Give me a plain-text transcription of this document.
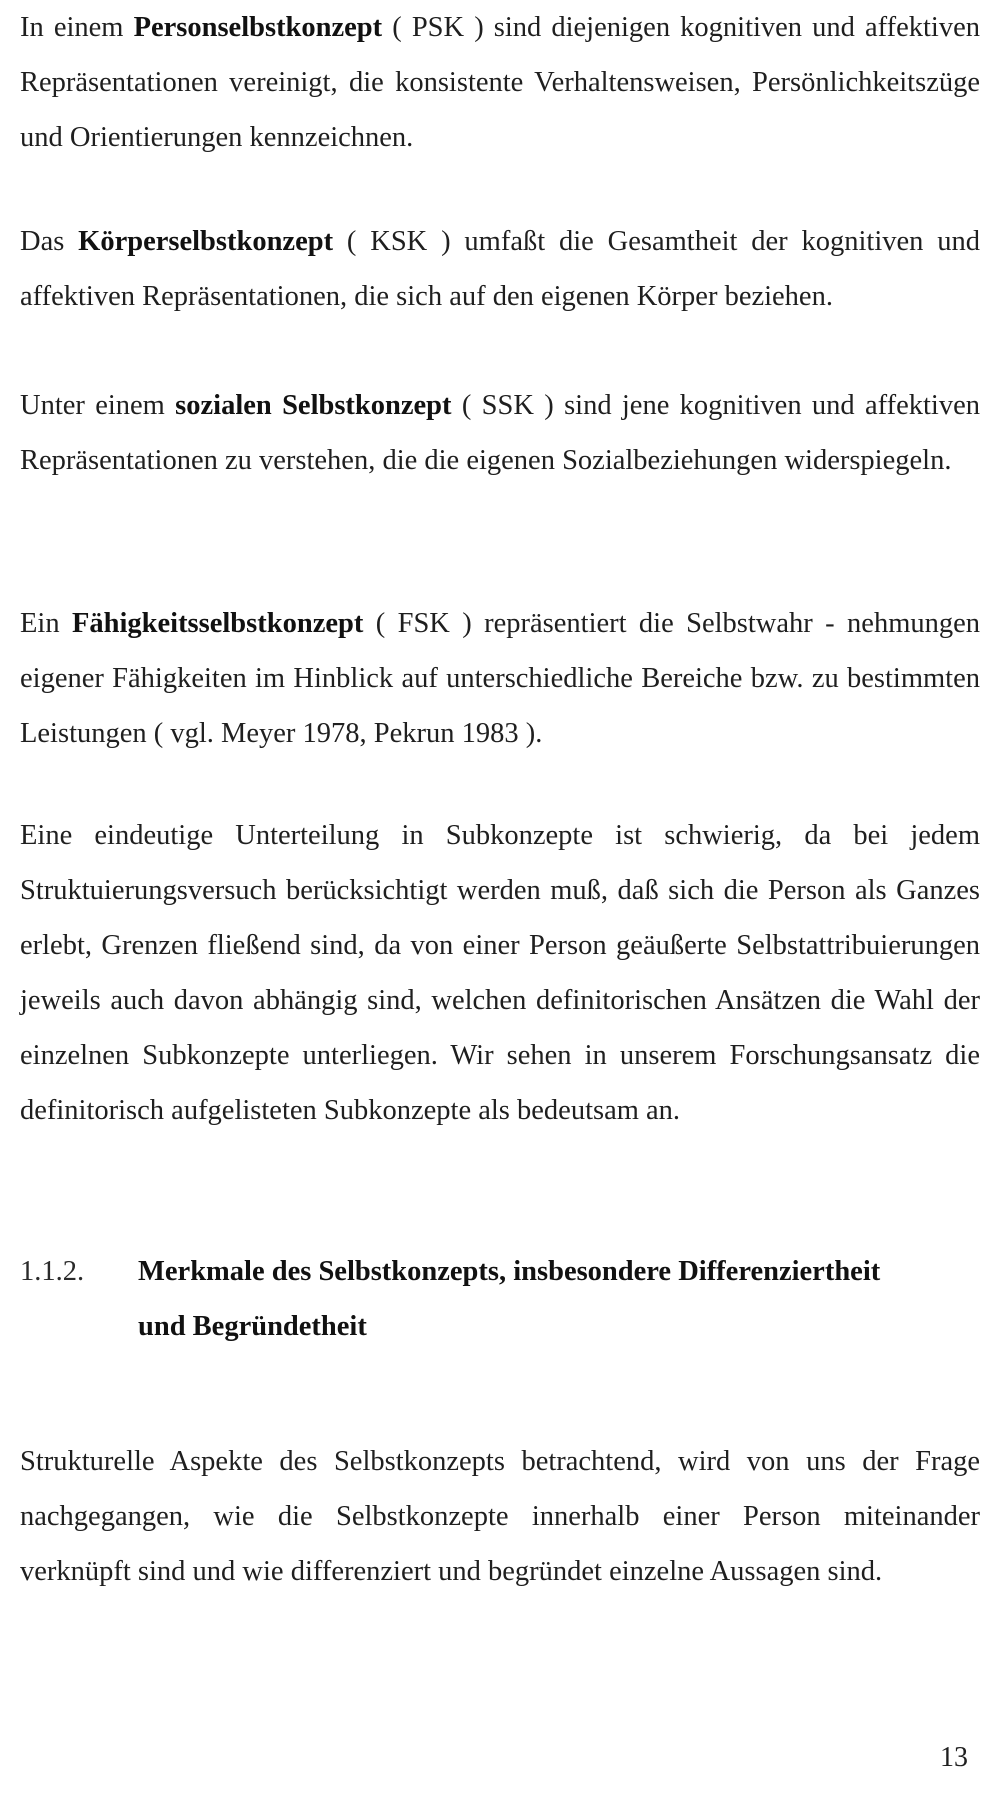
In einem Personselbstkonzept ( PSK ) sind diejenigen kognitiven und affektiven Repräsentationen vereinigt, die konsistente Verhaltensweisen, Persönlichkeitszüge und Orientierungen kennzeichnen.

Das Körperselbstkonzept ( KSK ) umfaßt die Gesamtheit der kognitiven und affektiven Repräsentationen, die sich auf den eigenen Körper beziehen.

Unter einem sozialen Selbstkonzept ( SSK ) sind jene kognitiven und affektiven Repräsentationen zu verstehen, die die eigenen Sozialbeziehungen widerspiegeln.

Ein Fähigkeitsselbstkonzept ( FSK ) repräsentiert die Selbstwahr - nehmungen eigener Fähigkeiten im Hinblick auf unterschiedliche Bereiche bzw. zu bestimmten Leistungen ( vgl. Meyer 1978, Pekrun 1983 ).

Eine eindeutige Unterteilung in Subkonzepte ist schwierig, da bei jedem Struktuierungsversuch berücksichtigt werden muß, daß sich die Person als Ganzes erlebt, Grenzen fließend sind, da von einer Person geäußerte Selbstattribuierungen jeweils auch davon abhängig sind, welchen definitorischen Ansätzen die Wahl der einzelnen Subkonzepte unterliegen. Wir sehen in unserem Forschungsansatz die definitorisch aufgelisteten Subkonzepte als bedeutsam an.

1.1.2. Merkmale des Selbstkonzepts, insbesondere Differenziertheit
und Begründetheit

Strukturelle Aspekte des Selbstkonzepts betrachtend, wird von uns der Frage nachgegangen, wie die Selbstkonzepte innerhalb einer Person miteinander verknüpft sind und wie differenziert und begründet einzelne Aussagen sind.

13
